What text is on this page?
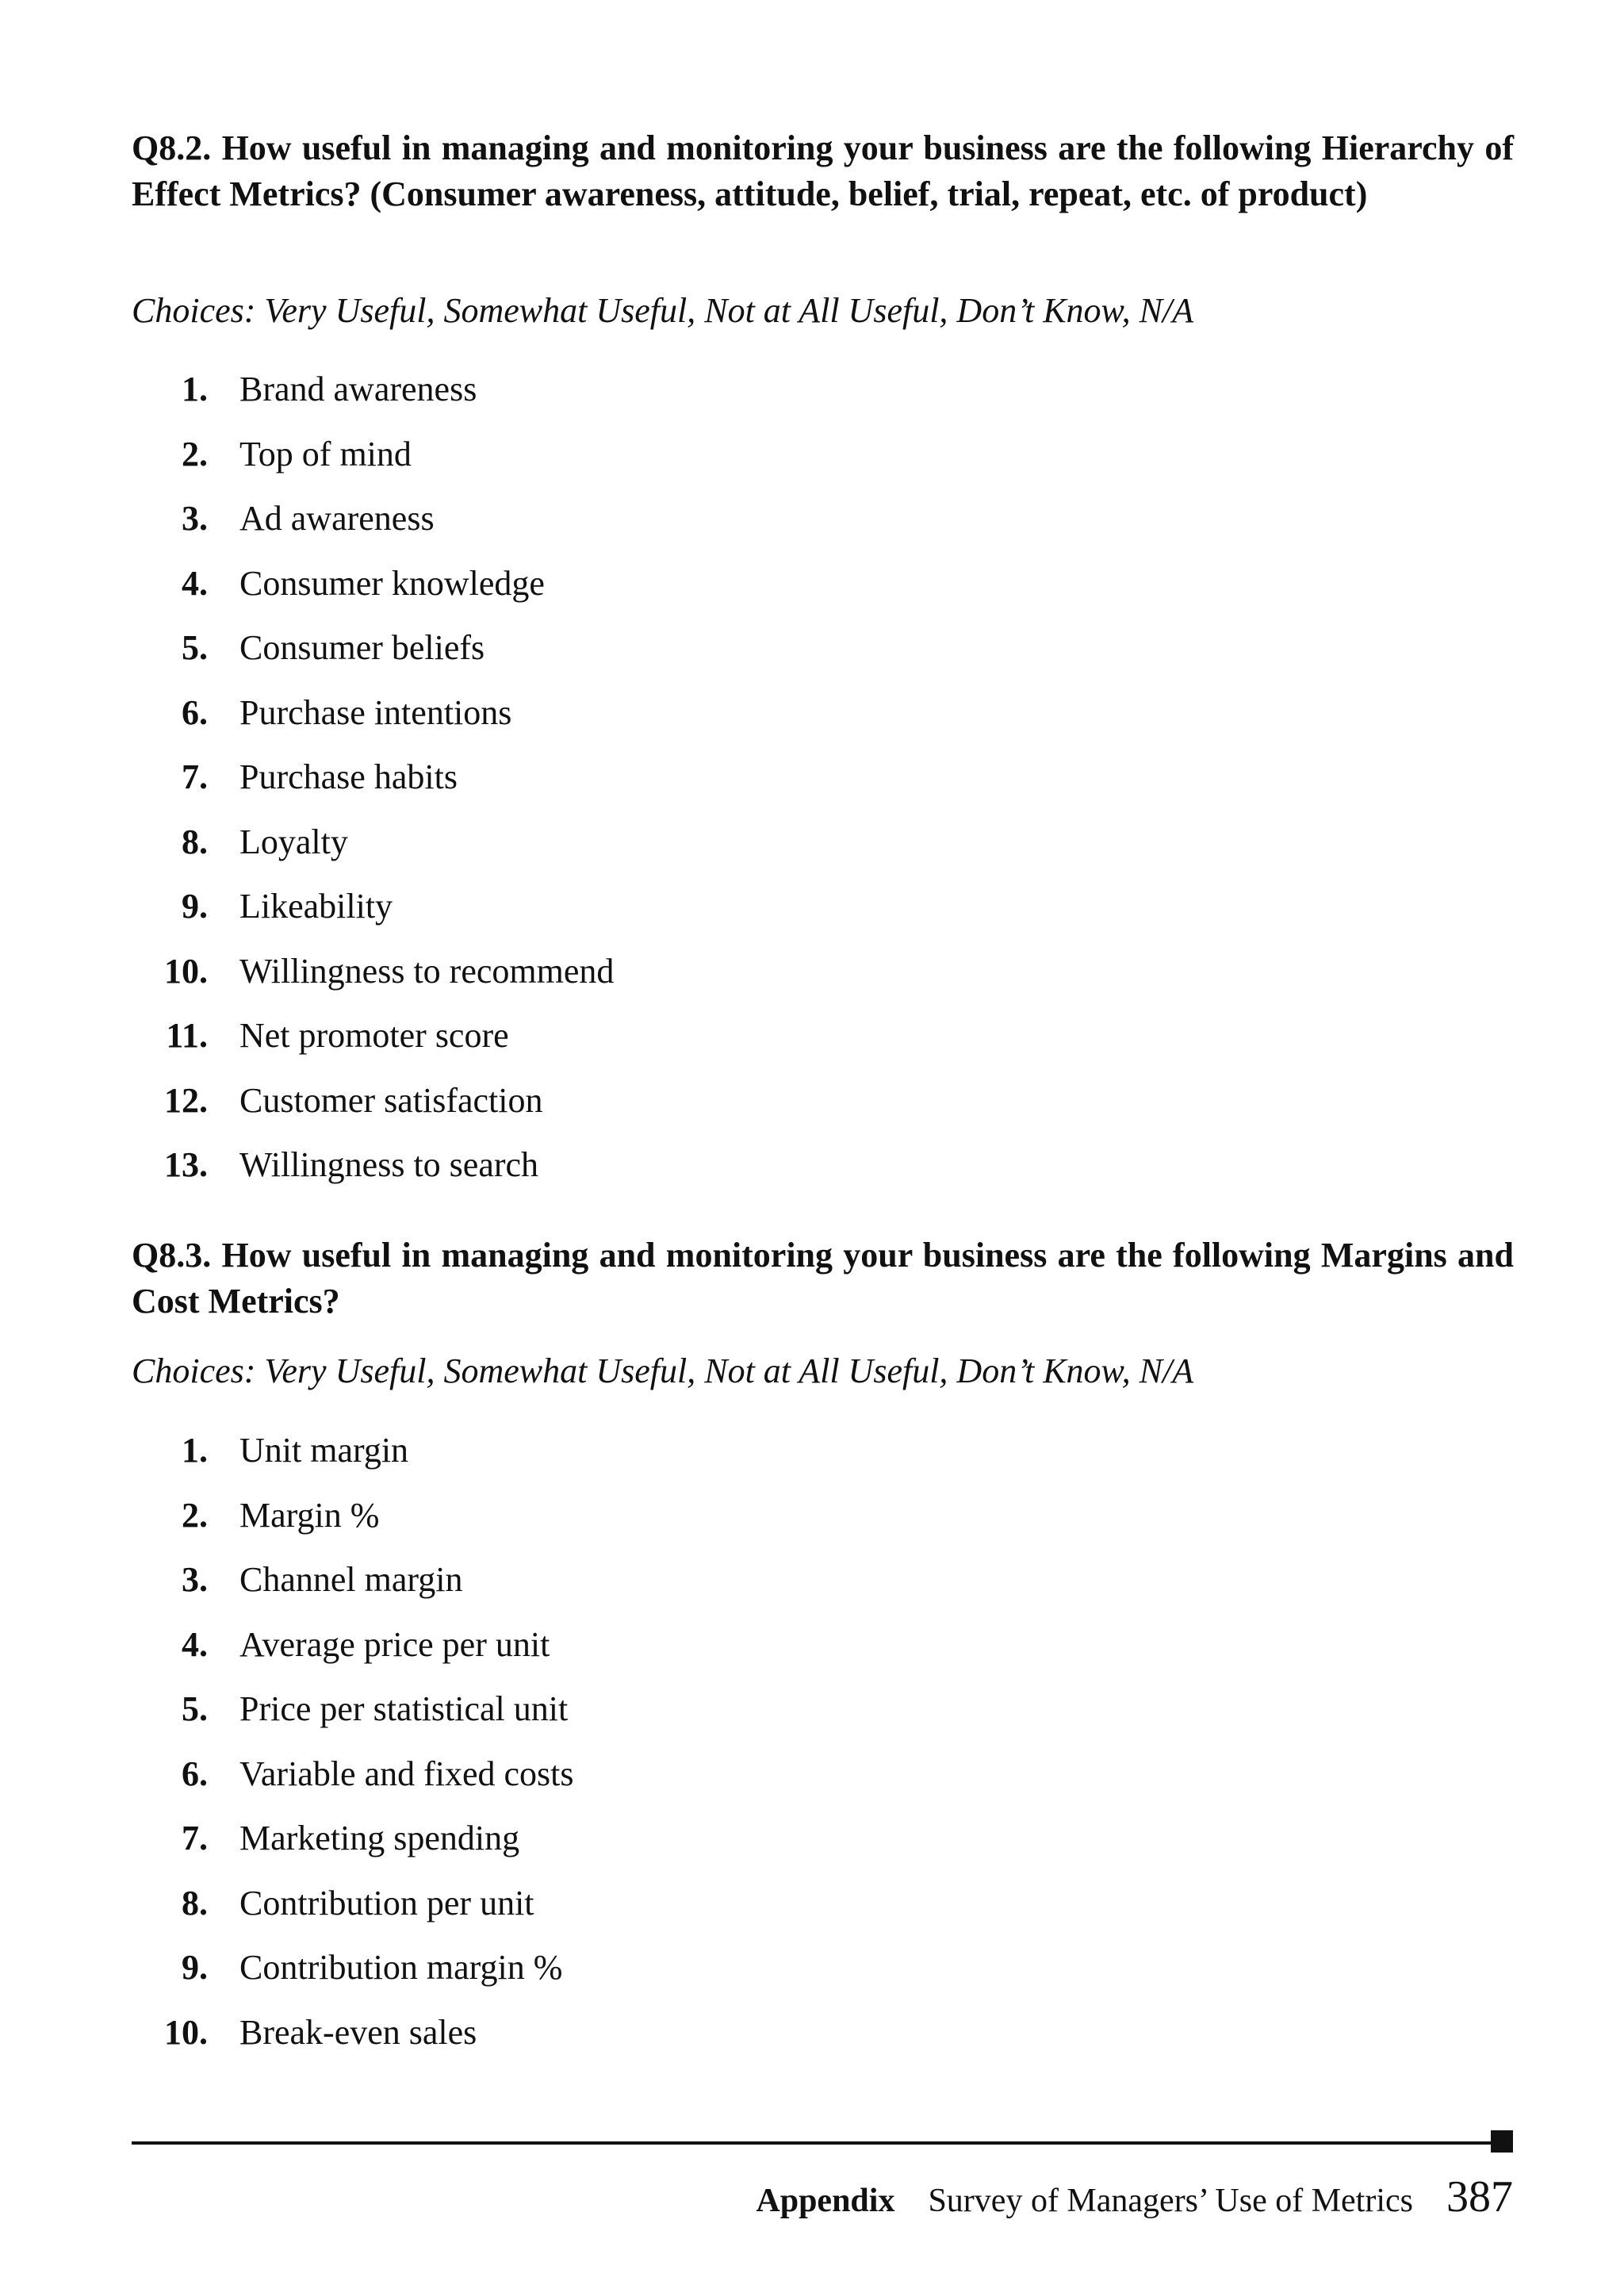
Q8.2. How useful in managing and monitoring your business are the following Hierarchy of Effect Metrics? (Consumer awareness, attitude, belief, trial, repeat, etc. of product)

Choices: Very Useful, Somewhat Useful, Not at All Useful, Don’t Know, N/A

1. Brand awareness
2. Top of mind
3. Ad awareness
4. Consumer knowledge
5. Consumer beliefs
6. Purchase intentions
7. Purchase habits
8. Loyalty
9. Likeability
10. Willingness to recommend
11. Net promoter score
12. Customer satisfaction
13. Willingness to search

Q8.3. How useful in managing and monitoring your business are the following Margins and Cost Metrics?

Choices: Very Useful, Somewhat Useful, Not at All Useful, Don’t Know, N/A

1. Unit margin
2. Margin %
3. Channel margin
4. Average price per unit
5. Price per statistical unit
6. Variable and fixed costs
7. Marketing spending
8. Contribution per unit
9. Contribution margin %
10. Break-even sales
Appendix Survey of Managers’ Use of Metrics 387
